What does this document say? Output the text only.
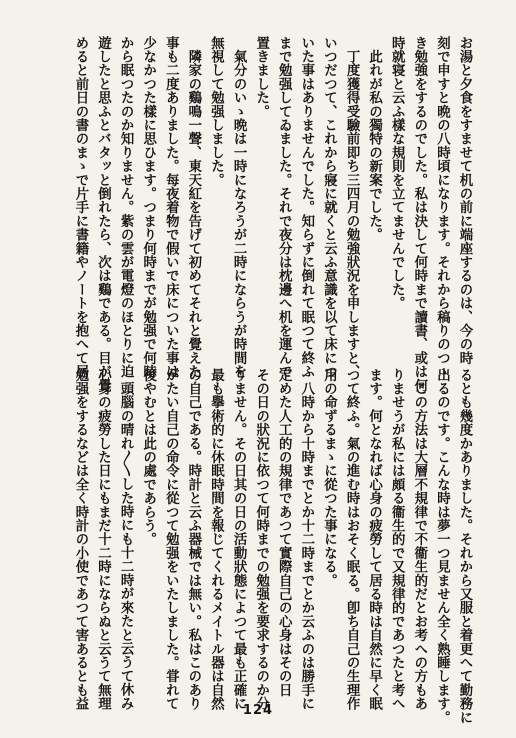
お湯と夕食をすませて机の前に端座するのは、今の時
刻で申すと晩の八時頃になります。それから稿りのつゝ
き勉強をするのでした。私は決して何時まで讀書、或は何
時就寝と云ふ樣な規則を立てませんでした。
　此れが私の獨特の新案でした。
　丁度獲得受驗前即ち三四月の勉強狀況を申しますと、
いつだつて、これから寢に就くと云ふ意識を以て床につ
いた事はありませんでした。知らずに倒れて眠つて終ふ
まで勉强してゐました。それで夜分は枕邊へ机を運んで
置きました。
　氣分のいゝ晩は一時になろうが二時にならうが時間を
無視して勉强しました。
　隣家の鷄鳴一聲、東天紅を告げて初めてそれと覺えた
事も二度ありました。每夜着物で假いで床についた事は
少なかつた樣に思ひます。つまり何時までが勉强で何時
から眠つたのか知りません。紫の雲が電燈のほとりに迫
遊したと思ふとバタッと倒れたら、次は鷄である。目が覺
めると前日の書のまゝで片手に書籍やノートを抱へて居
るとも幾度かありました。それから又服と着更へて勤務に
出るのです。こんな時は夢一つ見ません全く熟睡します。
　この方法は大層不規律で不衞生的だとお考への方もあ
りませうが私には頗る衞生的で又規律的であつたと考へ
ます。何となれば心身の疲勞して居る時は自然に早く眠
つて終ふ。氣の進む時はおそく眠る。卽ち自己の生理作
用の命ずるまゝに從つた事になる。
　八時から十時までとか十二時までとか云ふのは勝手に
定めた人工的の規律であつて實際自己の心身はその日
その日の狀況に依つて何時までの勉强を要求するのか分
りません。その日其の日の活動狀態によつて最も正確に
最も擧術的に休眠時間を報じてくれるメイトル器は自然
の自己である。時計と云ふ器械では無い。私はこのあり
がたい自己の命令に從つて勉强をいたしました。甞れて
後やむとは此の處であらう。
　頭腦の晴れ〳〵した時にも十二時が來たと云うて休み
心身の疲勞した日にもまだ十二時にならぬと云うて無理
勉强をするなどは全く時計の小使であつて害あるとも益	124
